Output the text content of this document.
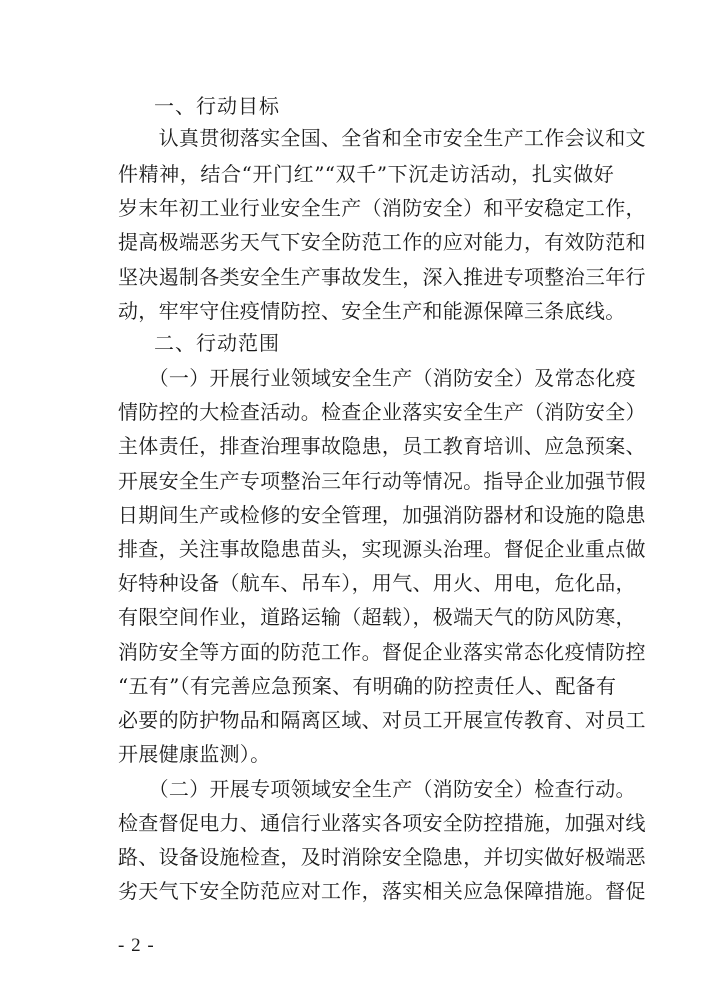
一、行动目标
　　认真贯彻落实全国、全省和全市安全生产工作会议和文
件精神，结合“开门红”“双千”下沉走访活动，扎实做好
岁末年初工业行业安全生产（消防安全）和平安稳定工作，
提高极端恶劣天气下安全防范工作的应对能力，有效防范和
坚决遏制各类安全生产事故发生，深入推进专项整治三年行
动，牢牢守住疫情防控、安全生产和能源保障三条底线。
二、行动范围
　　（一）开展行业领域安全生产（消防安全）及常态化疫
情防控的大检查活动。检查企业落实安全生产（消防安全）
主体责任，排查治理事故隐患，员工教育培训、应急预案、
开展安全生产专项整治三年行动等情况。指导企业加强节假
日期间生产或检修的安全管理，加强消防器材和设施的隐患
排查，关注事故隐患苗头，实现源头治理。督促企业重点做
好特种设备（航车、吊车），用气、用火、用电，危化品，
有限空间作业，道路运输（超载），极端天气的防风防寒，
消防安全等方面的防范工作。督促企业落实常态化疫情防控
“五有”（有完善应急预案、有明确的防控责任人、配备有
必要的防护物品和隔离区域、对员工开展宣传教育、对员工
开展健康监测）。
　　（二）开展专项领域安全生产（消防安全）检查行动。
检查督促电力、通信行业落实各项安全防控措施，加强对线
路、设备设施检查，及时消除安全隐患，并切实做好极端恶
劣天气下安全防范应对工作，落实相关应急保障措施。督促
- 2 -
